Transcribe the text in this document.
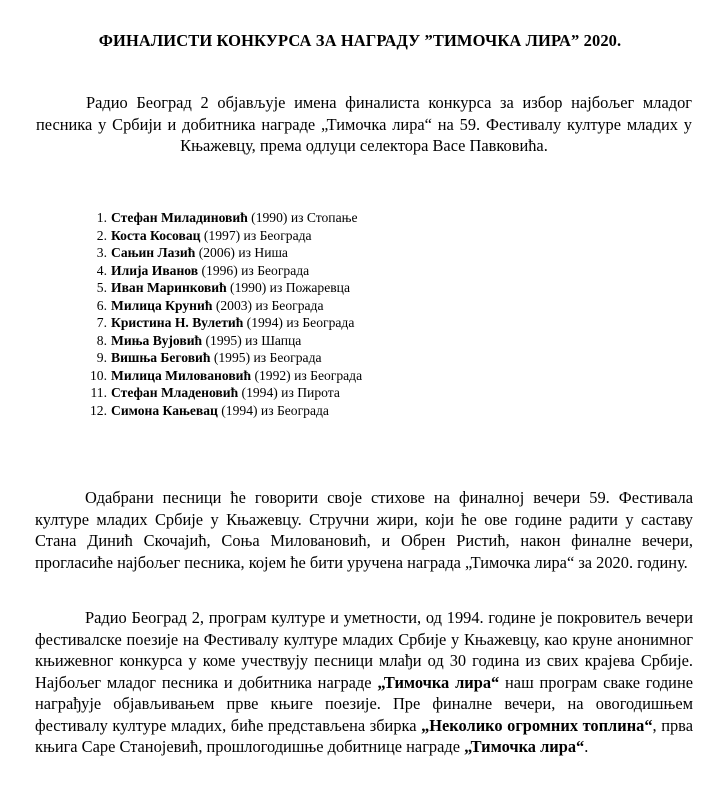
ФИНАЛИСТИ КОНКУРСА ЗА НАГРАДУ ”ТИМОЧКА ЛИРА” 2020.
Радио Београд 2 објављује имена финалиста конкурса за избор најбољег младог песника у Србији и добитника награде „Тимочка лира“ на 59. Фестивалу културе младих у Књажевцу, према одлуци селектора Васе Павковића.
1. Стефан Миладиновић (1990) из Стопање
2. Коста Косовац (1997) из Београда
3. Сањин Лазић (2006) из Ниша
4. Илија Иванов (1996) из Београда
5. Иван Маринковић (1990) из Пожаревца
6. Милица Крунић (2003) из Београда
7. Кристина Н. Вулетић (1994) из Београда
8. Миња Вујовић (1995) из Шапца
9. Вишња Беговић (1995) из Београда
10. Милица Миловановић (1992) из Београда
11. Стефан Младеновић (1994) из Пирота
12. Симона Кањевац (1994) из Београда
Одабрани песници ће говорити своје стихове на финалној вечери 59. Фестивала културе младих Србије у Књажевцу. Стручни жири, који ће ове године радити у саставу Стана Динић Скочајић, Соња Миловановић, и Обрен Ристић, након финалне вечери, прогласиће најбољег песника, којем ће бити уручена награда „Тимочка лира“ за 2020. годину.
Радио Београд 2, програм културе и уметности, од 1994. године је покровитељ вечери фестивалске поезије на Фестивалу културе младих Србије у Књажевцу, као круне анонимног књижевног конкурса у коме учествују песници млађи од 30 година из свих крајева Србије. Најбољег младог песника и добитника награде „Тимочка лира“ наш програм сваке године награђује објављивањем прве књиге поезије. Пре финалне вечери, на овогодишњем фестивалу културе младих, биће представљена збирка „Неколико огромних топлина“, прва књига Саре Станојевић, прошлогодишње добитнице награде „Тимочка лира“.
